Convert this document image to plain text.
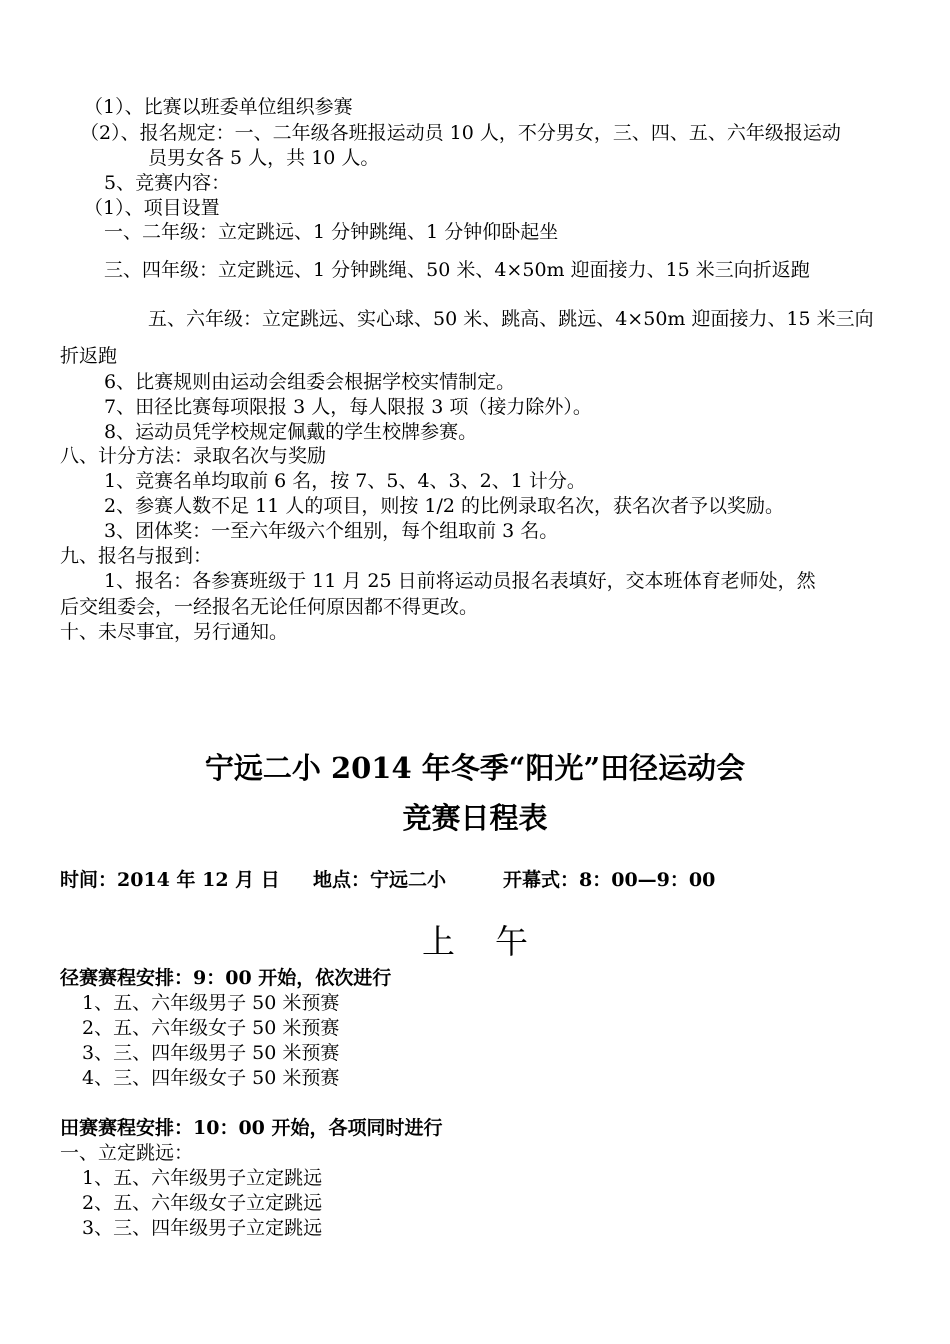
（1）、比赛以班委单位组织参赛
（2）、报名规定：一、二年级各班报运动员 10 人，不分男女，三、四、五、六年级报运动
员男女各 5 人，共 10 人。
5、竞赛内容：
（1）、项目设置
一、二年级：立定跳远、1 分钟跳绳、1 分钟仰卧起坐
三、四年级：立定跳远、1 分钟跳绳、50 米、4×50m 迎面接力、15 米三向折返跑
五、六年级：立定跳远、实心球、50 米、跳高、跳远、4×50m 迎面接力、15 米三向
折返跑
6、比赛规则由运动会组委会根据学校实情制定。
7、田径比赛每项限报 3 人，每人限报 3 项（接力除外）。
8、运动员凭学校规定佩戴的学生校牌参赛。
八、计分方法：录取名次与奖励
1、竞赛名单均取前 6 名，按 7、5、4、3、2、1 计分。
2、参赛人数不足 11 人的项目，则按 1/2 的比例录取名次，获名次者予以奖励。
3、团体奖：一至六年级六个组别，每个组取前 3 名。
九、报名与报到：
1、报名：各参赛班级于 11 月 25 日前将运动员报名表填好，交本班体育老师处，然
后交组委会，一经报名无论任何原因都不得更改。
十、未尽事宜，另行通知。
宁远二小 2014 年冬季“阳光”田径运动会
竞赛日程表
时间：2014 年 12 月 日 地点：宁远二小	开幕式：8：00—9：00
上午
径赛赛程安排：9：00 开始，依次进行
1、五、六年级男子 50 米预赛
2、五、六年级女子 50 米预赛
3、三、四年级男子 50 米预赛
4、三、四年级女子 50 米预赛
田赛赛程安排：10：00 开始，各项同时进行
一、立定跳远：
1、五、六年级男子立定跳远
2、五、六年级女子立定跳远
3、三、四年级男子立定跳远
